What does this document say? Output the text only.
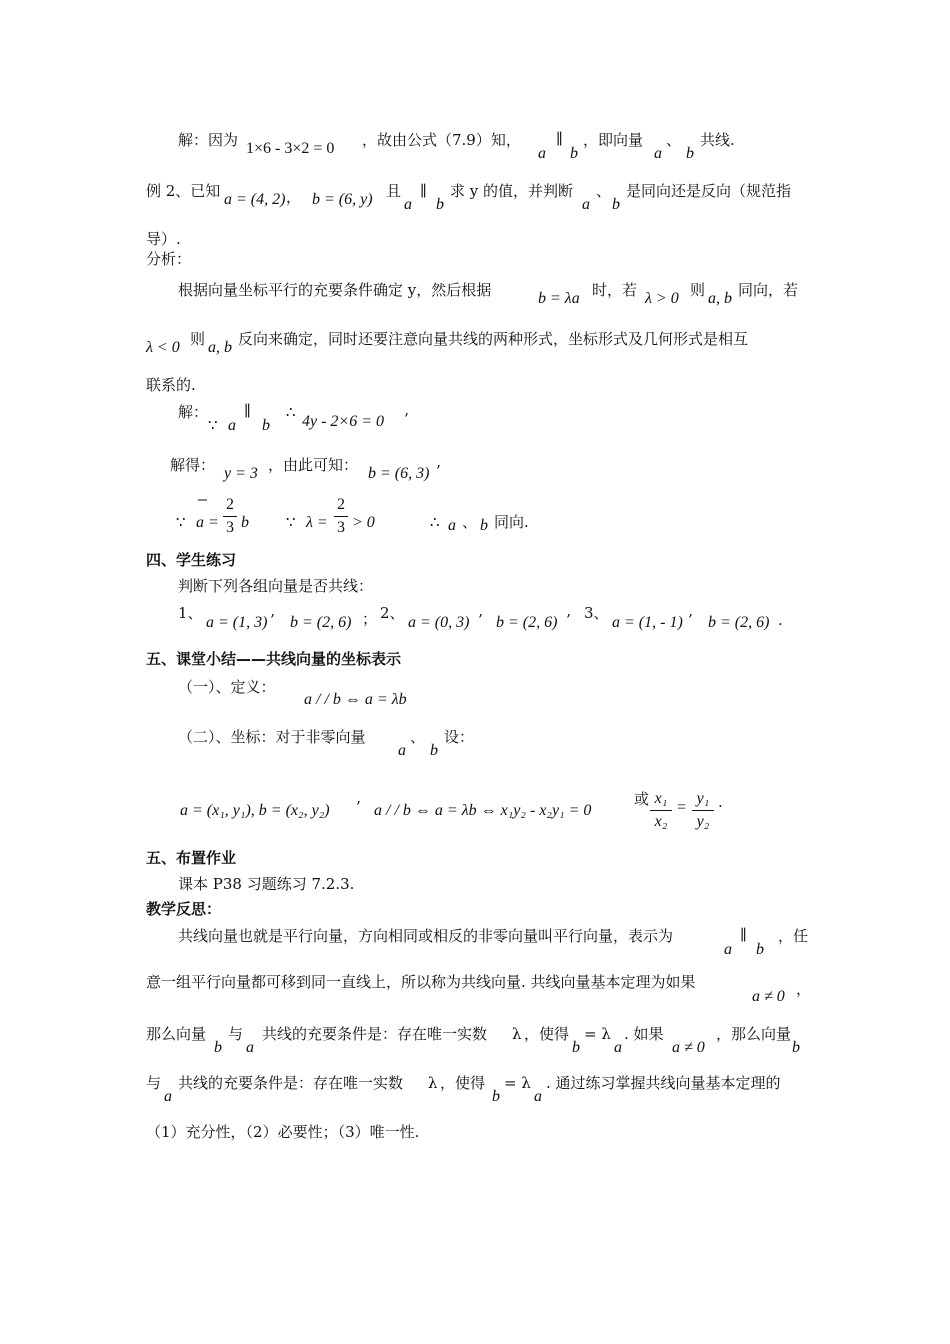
解：因为 1×6 - 3×2 = 0 ，故由公式（7.9）知，
a
∥
b
，即向量
a
、
b
共线.
例 2、已知 a = (4, 2) ， b = (6, y) 且
a
∥
b
求 y 的值，并判断
a
、
b
是同向还是反向（规范指
导）.
分析：
根据向量坐标平行的充要条件确定 y，然后根据	b = λa 时，若 λ > 0 则 a, b 同向，若
λ < 0 则 a, b 反向来确定，同时还要注意向量共线的两种形式，坐标形式及几何形式是相互
联系的.
解：
∵ a
∥
b
∴
4y - 2×6 = 0 ’
解得： y = 3 ，由此可知： b = (6, 3) ’
⎯⎯
∵ a =
2
3 b ∵ λ =
2
3 > 0	∴ a 、 b 同向.
四、学生练习
判断下列各组向量是否共线：
1、
a = (1, 3) ’ b = (2, 6) ； 2、
a = (0, 3) ’ b = (2, 6) ’ 3、
a = (1, - 1) ’ b = (2, 6) .
五、课堂小结——共线向量的坐标表示
（一）、定义：
a / / b ⇔ a = λb
（二）、坐标：对于非零向量
a
、
b
设：
a = (x₁, y₁), b = (x₂, y₂) ’ a / / b ⇔ a = λb ⇔ x₁y₂ - x₂y₁ = 0
或 x₁
x₂
=
y₁
y₂
.
五、布置作业
课本 P38 习题练习 7.2.3.
教学反思：
共线向量也就是平行向量，方向相同或相反的非零向量叫平行向量，表示为
a
∥
b
，任
意一组平行向量都可移到同一直线上，所以称为共线向量. 共线向量基本定理为如果
a ≠ 0 ，
那么向量
b
与
a
共线的充要条件是：存在唯一实数 λ ，使得
b
= λ
a
. 如果
a ≠ 0
，那么向量
b
与
a
共线的充要条件是：存在唯一实数 λ ，使得
b
= λ
a
. 通过练习掌握共线向量基本定理的
（1）充分性，（2）必要性；（3）唯一性.
